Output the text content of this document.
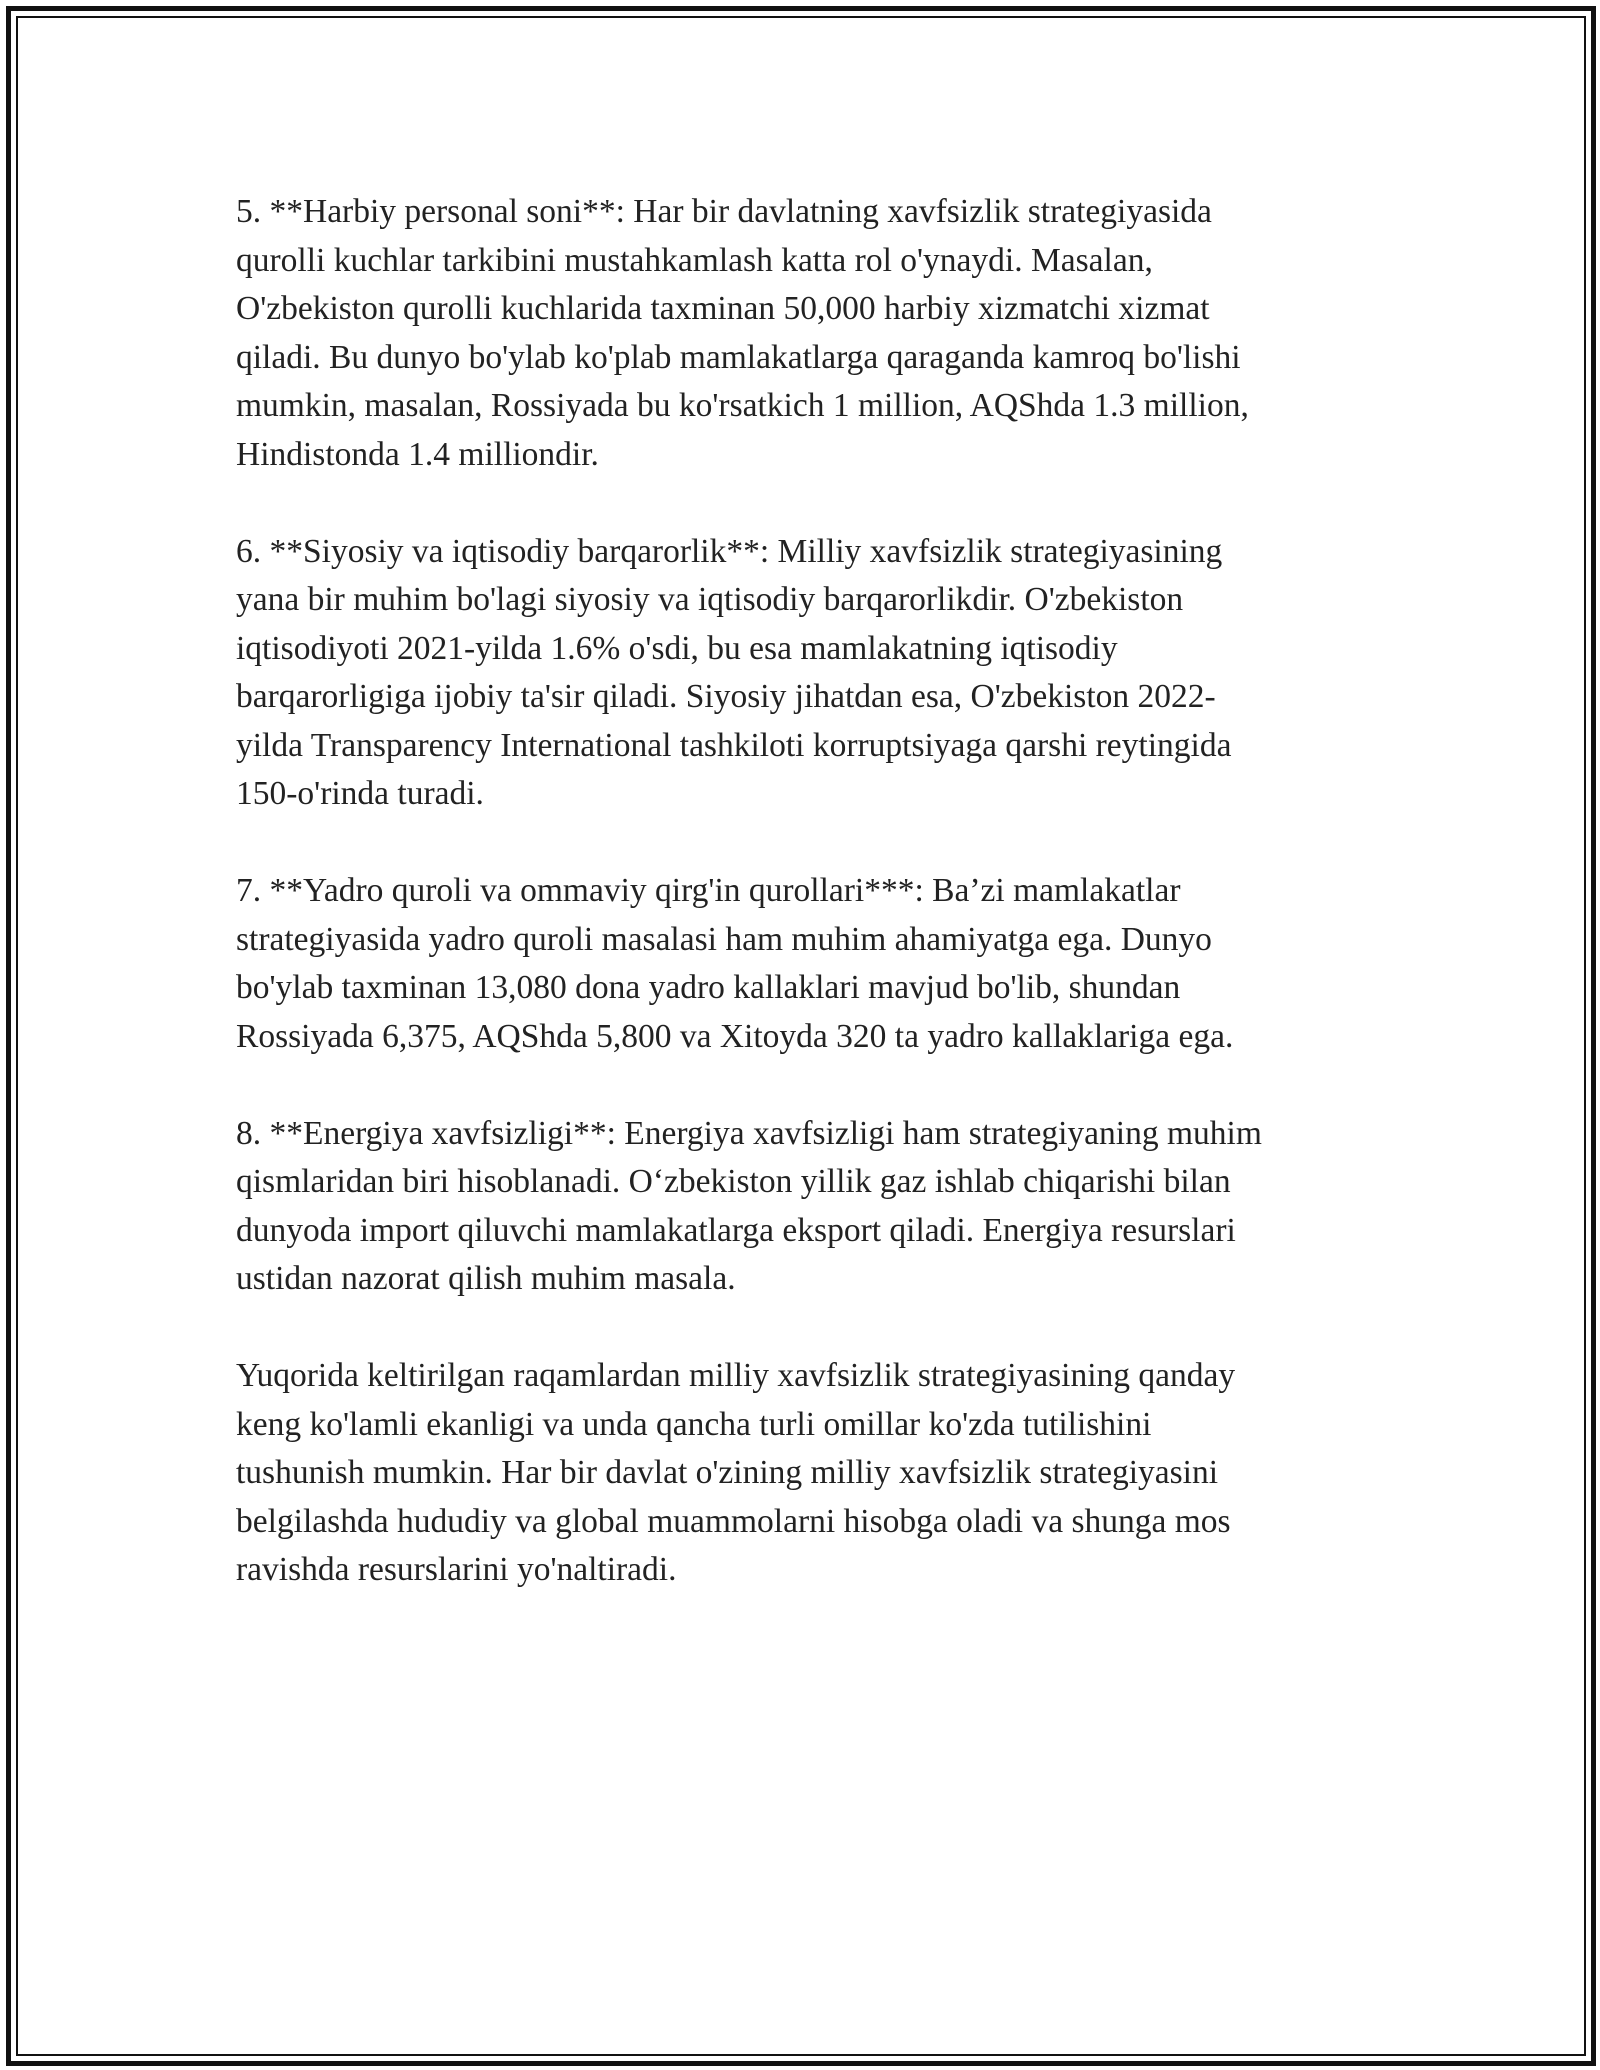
5. **Harbiy personal soni**: Har bir davlatning xavfsizlik strategiyasida
qurolli kuchlar tarkibini mustahkamlash katta rol o'ynaydi. Masalan,
O'zbekiston qurolli kuchlarida taxminan 50,000 harbiy xizmatchi xizmat
qiladi. Bu dunyo bo'ylab ko'plab mamlakatlarga qaraganda kamroq bo'lishi
mumkin, masalan, Rossiyada bu ko'rsatkich 1 million, AQShda 1.3 million,
Hindistonda 1.4 milliondir.

6. **Siyosiy va iqtisodiy barqarorlik**: Milliy xavfsizlik strategiyasining
yana bir muhim bo'lagi siyosiy va iqtisodiy barqarorlikdir. O'zbekiston
iqtisodiyoti 2021-yilda 1.6% o'sdi, bu esa mamlakatning iqtisodiy
barqarorligiga ijobiy ta'sir qiladi. Siyosiy jihatdan esa, O'zbekiston 2022-
yilda Transparency International tashkiloti korruptsiyaga qarshi reytingida
150-o'rinda turadi.

7. **Yadro quroli va ommaviy qirg'in qurollari***: Ba’zi mamlakatlar
strategiyasida yadro quroli masalasi ham muhim ahamiyatga ega. Dunyo
bo'ylab taxminan 13,080 dona yadro kallaklari mavjud bo'lib, shundan
Rossiyada 6,375, AQShda 5,800 va Xitoyda 320 ta yadro kallaklariga ega.

8. **Energiya xavfsizligi**: Energiya xavfsizligi ham strategiyaning muhim
qismlaridan biri hisoblanadi. O‘zbekiston yillik gaz ishlab chiqarishi bilan
dunyoda import qiluvchi mamlakatlarga eksport qiladi. Energiya resurslari
ustidan nazorat qilish muhim masala.

Yuqorida keltirilgan raqamlardan milliy xavfsizlik strategiyasining qanday
keng ko'lamli ekanligi va unda qancha turli omillar ko'zda tutilishini
tushunish mumkin. Har bir davlat o'zining milliy xavfsizlik strategiyasini
belgilashda hududiy va global muammolarni hisobga oladi va shunga mos
ravishda resurslarini yo'naltiradi.
